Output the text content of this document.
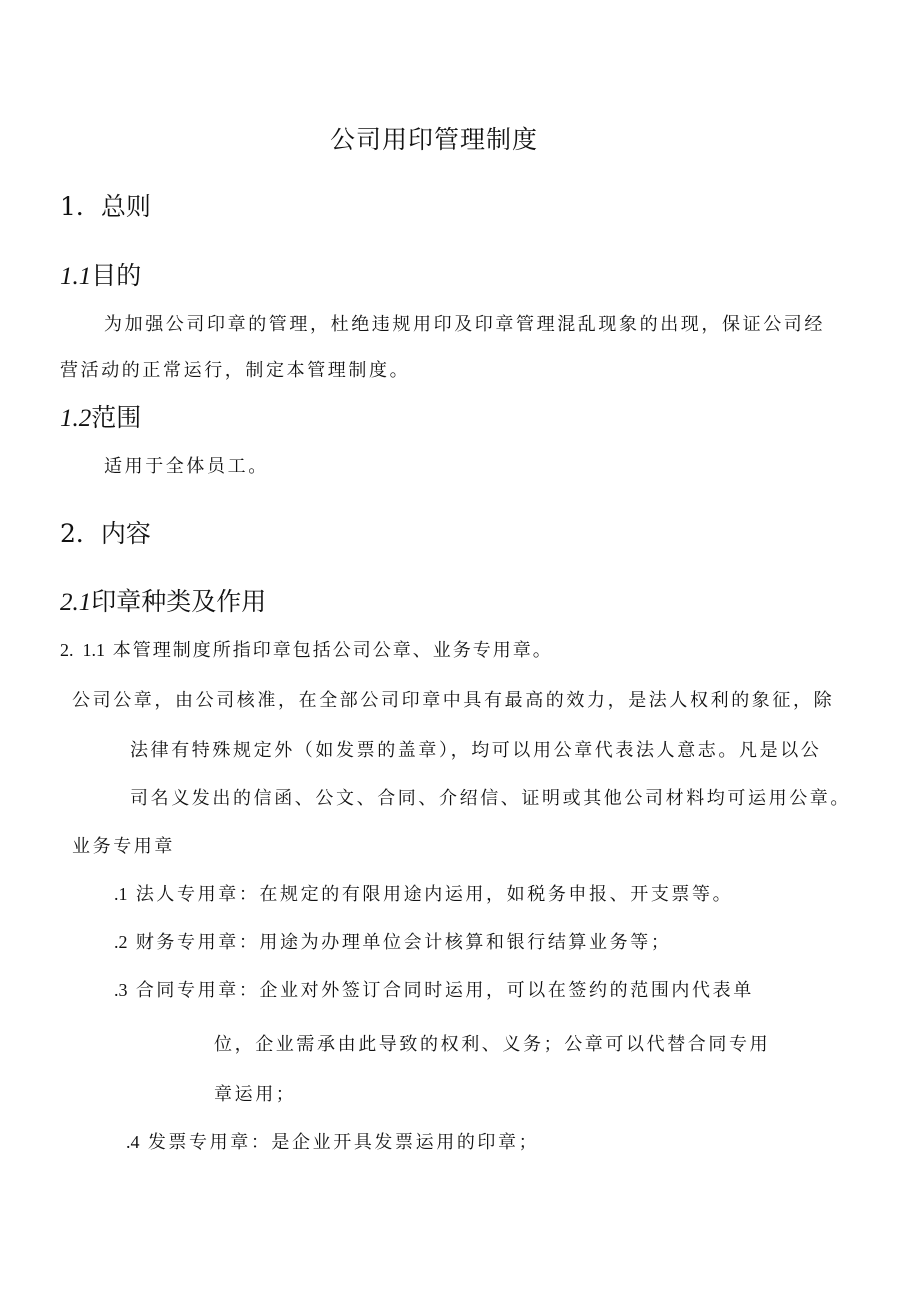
公司用印管理制度
1．总则
1.1目的
为加强公司印章的管理，杜绝违规用印及印章管理混乱现象的出现，保证公司经
营活动的正常运行，制定本管理制度。
1.2范围
适用于全体员工。
2．内容
2.1印章种类及作用
2.  1.1 本管理制度所指印章包括公司公章、业务专用章。
公司公章，由公司核准，在全部公司印章中具有最高的效力，是法人权利的象征，除
法律有特殊规定外（如发票的盖章），均可以用公章代表法人意志。凡是以公
司名义发出的信函、公文、合同、介绍信、证明或其他公司材料均可运用公章。
业务专用章
.1 法人专用章：在规定的有限用途内运用，如税务申报、开支票等。
.2 财务专用章：用途为办理单位会计核算和银行结算业务等；
.3 合同专用章：企业对外签订合同时运用，可以在签约的范围内代表单
位，企业需承由此导致的权利、义务；公章可以代替合同专用
章运用；
.4 发票专用章：是企业开具发票运用的印章；
